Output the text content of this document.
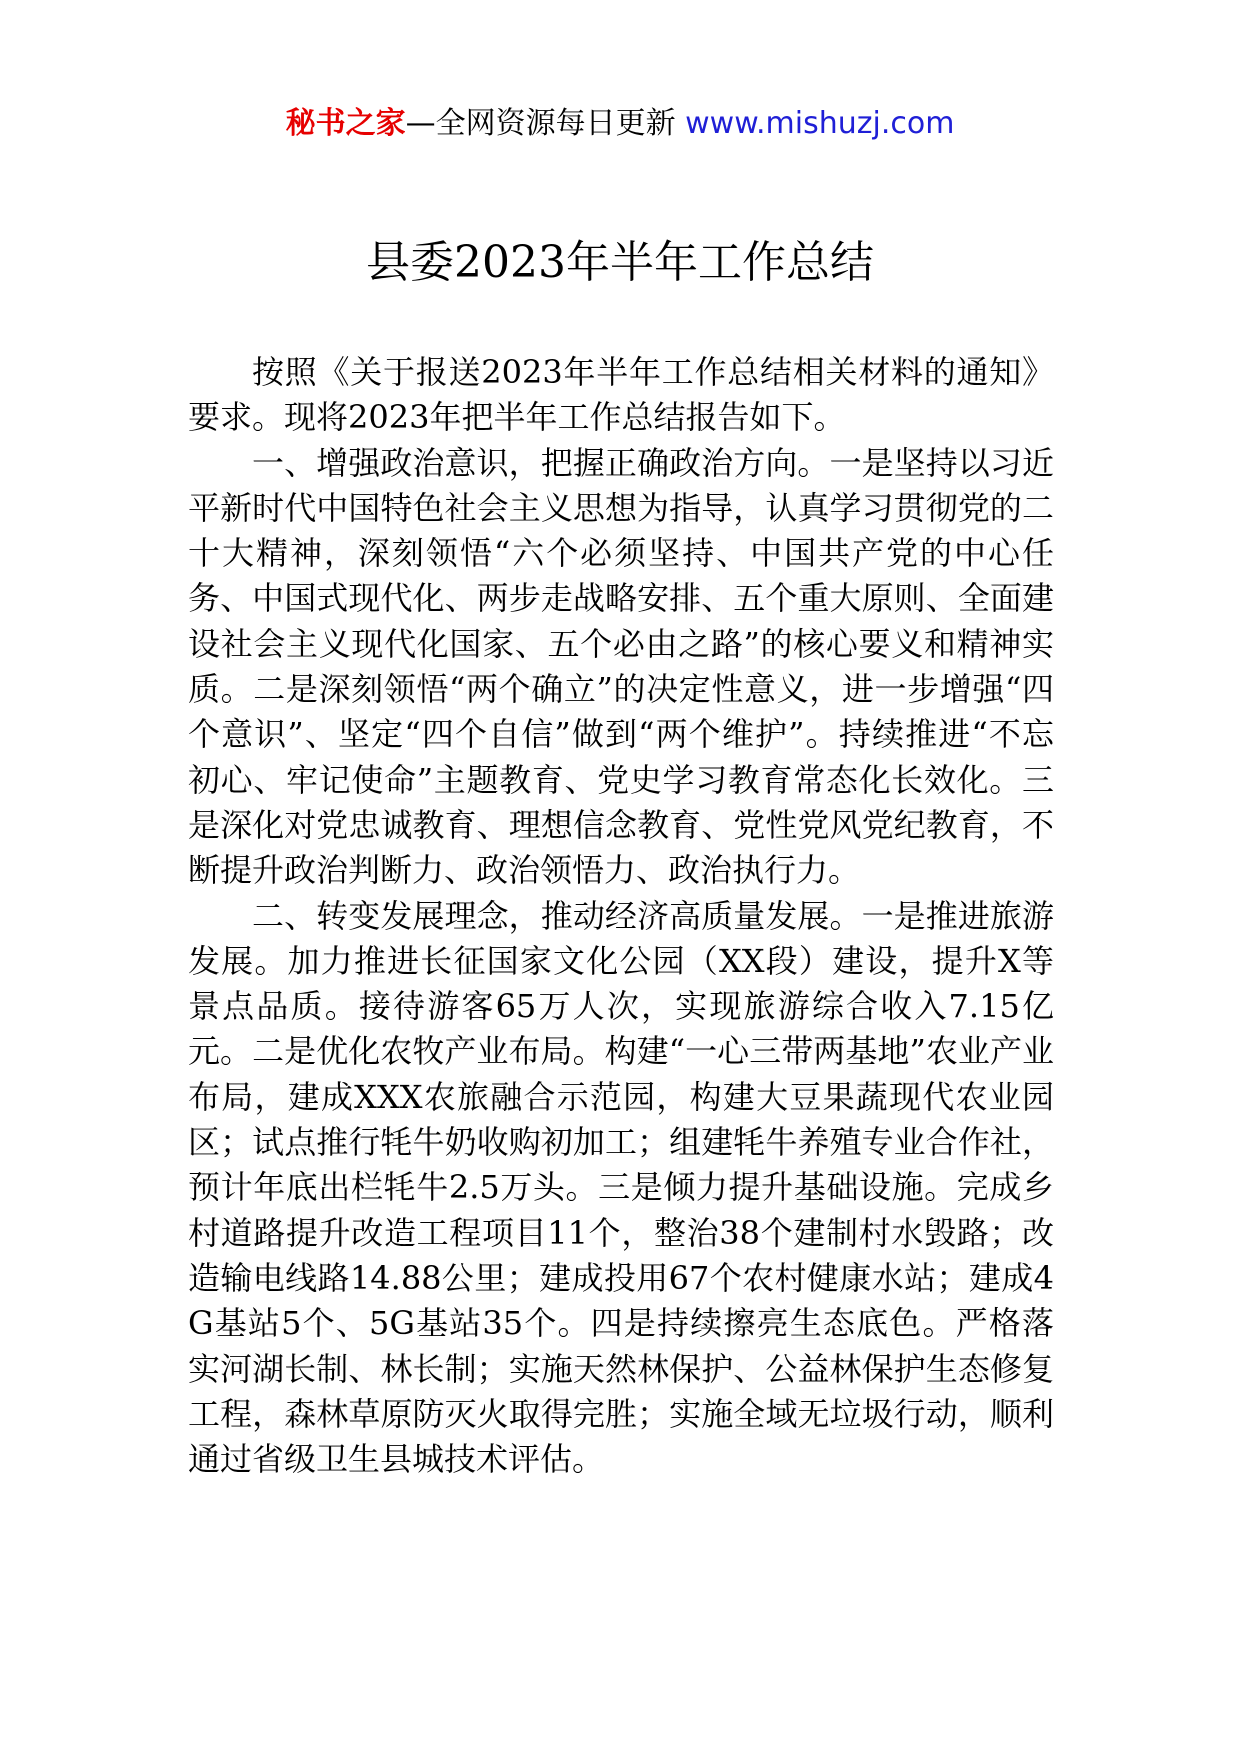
秘书之家—全网资源每日更新 www.mishuzj.com
县委2023年半年工作总结

按照《关于报送2023年半年工作总结相关材料的通知》要求。现将2023年把半年工作总结报告如下。

一、增强政治意识，把握正确政治方向。一是坚持以习近平新时代中国特色社会主义思想为指导，认真学习贯彻党的二十大精神，深刻领悟“六个必须坚持、中国共产党的中心任务、中国式现代化、两步走战略安排、五个重大原则、全面建设社会主义现代化国家、五个必由之路”的核心要义和精神实质。二是深刻领悟“两个确立”的决定性意义，进一步增强“四个意识”、坚定“四个自信”做到“两个维护”。持续推进“不忘初心、牢记使命”主题教育、党史学习教育常态化长效化。三是深化对党忠诚教育、理想信念教育、党性党风党纪教育，不断提升政治判断力、政治领悟力、政治执行力。

二、转变发展理念，推动经济高质量发展。一是推进旅游发展。加力推进长征国家文化公园（XX段）建设，提升X等景点品质。接待游客65万人次，实现旅游综合收入7.15亿元。二是优化农牧产业布局。构建“一心三带两基地”农业产业布局，建成XXX农旅融合示范园，构建大豆果蔬现代农业园区；试点推行牦牛奶收购初加工；组建牦牛养殖专业合作社，预计年底出栏牦牛2.5万头。三是倾力提升基础设施。完成乡村道路提升改造工程项目11个，整治38个建制村水毁路；改造输电线路14.88公里；建成投用67个农村健康水站；建成4G基站5个、5G基站35个。四是持续擦亮生态底色。严格落实河湖长制、林长制；实施天然林保护、公益林保护生态修复工程，森林草原防灭火取得完胜；实施全域无垃圾行动，顺利通过省级卫生县城技术评估。
